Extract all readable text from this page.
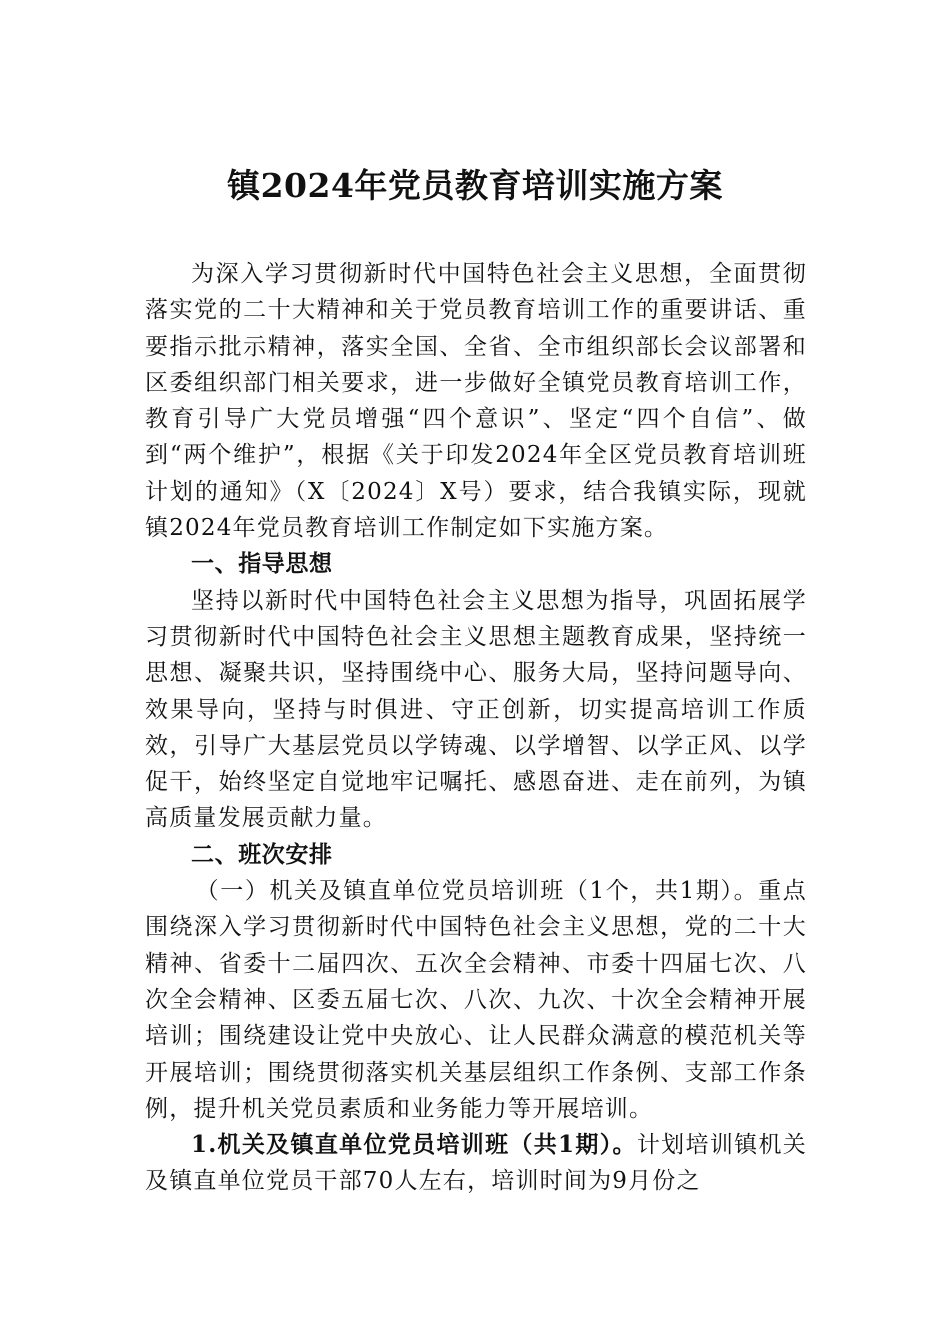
镇2024年党员教育培训实施方案

为深入学习贯彻新时代中国特色社会主义思想，全面贯彻落实党的二十大精神和关于党员教育培训工作的重要讲话、重要指示批示精神，落实全国、全省、全市组织部长会议部署和区委组织部门相关要求，进一步做好全镇党员教育培训工作，教育引导广大党员增强“四个意识”、坚定“四个自信”、做到“两个维护”，根据《关于印发2024年全区党员教育培训班计划的通知》（X〔2024〕X号）要求，结合我镇实际，现就镇2024年党员教育培训工作制定如下实施方案。

一、指导思想

坚持以新时代中国特色社会主义思想为指导，巩固拓展学习贯彻新时代中国特色社会主义思想主题教育成果，坚持统一思想、凝聚共识，坚持围绕中心、服务大局，坚持问题导向、效果导向，坚持与时俱进、守正创新，切实提高培训工作质效，引导广大基层党员以学铸魂、以学增智、以学正风、以学促干，始终坚定自觉地牢记嘱托、感恩奋进、走在前列，为镇高质量发展贡献力量。

二、班次安排

（一）机关及镇直单位党员培训班（1个，共1期）。重点围绕深入学习贯彻新时代中国特色社会主义思想，党的二十大精神、省委十二届四次、五次全会精神、市委十四届七次、八次全会精神、区委五届七次、八次、九次、十次全会精神开展培训；围绕建设让党中央放心、让人民群众满意的模范机关等开展培训；围绕贯彻落实机关基层组织工作条例、支部工作条例，提升机关党员素质和业务能力等开展培训。

1.机关及镇直单位党员培训班（共1期）。计划培训镇机关及镇直单位党员干部70人左右，培训时间为9月份之
